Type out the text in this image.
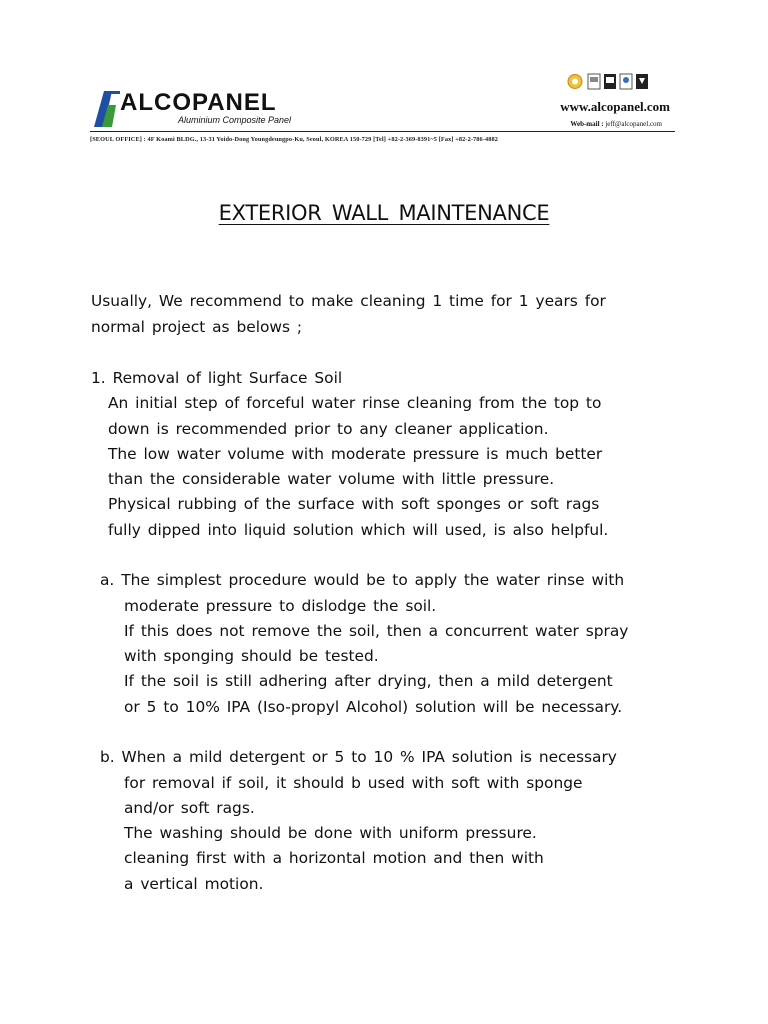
ALCOPANEL
Aluminium Composite Panel
www.alcopanel.com
Web-mail : jeff@alcopanel.com
[SEOUL OFFICE] : 4F Koami BLDG., 13-31 Yoido-Dong Youngdeungpo-Ku, Seoul, KOREA 150-729 [Tel] +82-2-369-8391~5 [Fax] +82-2-786-4882
EXTERIOR WALL MAINTENANCE
Usually, We recommend to make cleaning 1 time for 1 years for
normal project as belows ;
1. Removal of light Surface Soil
An initial step of forceful water rinse cleaning from the top to
down is recommended prior to any cleaner application.
The low water volume with moderate pressure is much better
than the considerable water volume with little pressure.
Physical rubbing of the surface with soft sponges or soft rags
fully dipped into liquid solution which will used, is also helpful.
a. The simplest procedure would be to apply the water rinse with
moderate pressure to dislodge the soil.
If this does not remove the soil, then a concurrent water spray
with sponging should be tested.
If the soil is still adhering after drying, then a mild detergent
or 5 to 10% IPA (Iso-propyl Alcohol) solution will be necessary.
b. When a mild detergent or 5 to 10 % IPA solution is necessary
for removal if soil, it should b used with soft with sponge
and/or soft rags.
The washing should be done with uniform pressure.
cleaning first with a horizontal motion and then with
a vertical motion.
